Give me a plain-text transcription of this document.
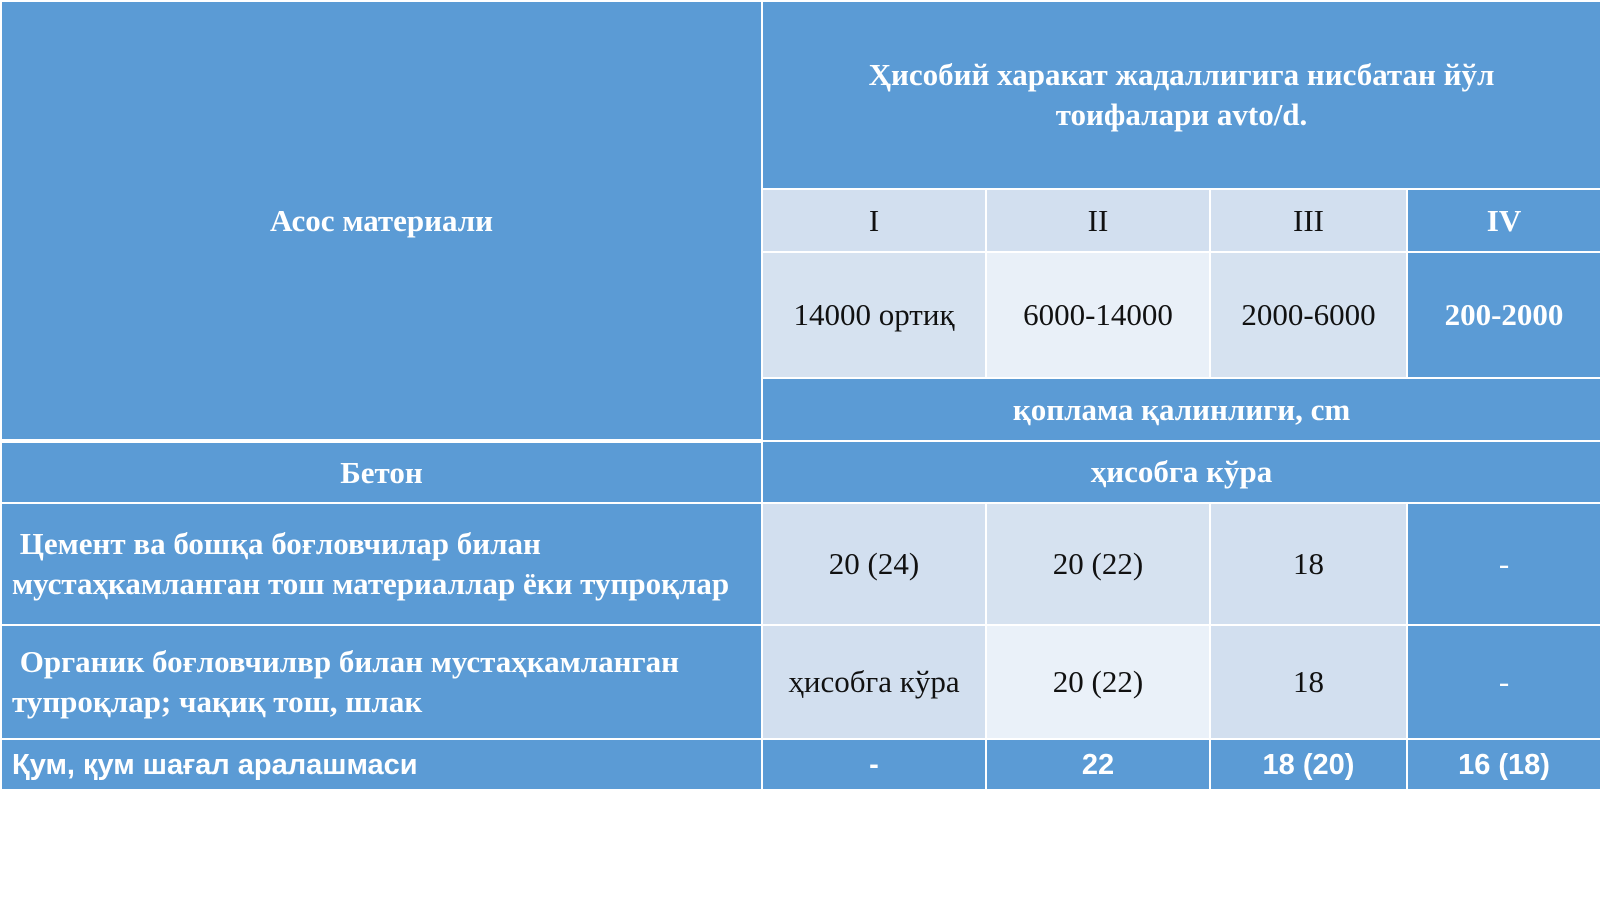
Асос материали	Ҳисобий харакат жадаллигига нисбатан йўл тоифалари avto/d.			
	I	II	III	IV
	14000 ортиқ	6000-14000	2000-6000	200-2000
	қоплама қалинлиги, cm			
Бетон	ҳисобга кўра			
Цемент ва бошқа боғловчилар билан мустаҳкамланган тош материаллар ёки тупроқлар	20 (24)	20 (22)	18	-
Органик боғловчилвр билан мустаҳкамланган тупроқлар; чақиқ тош, шлак	ҳисобга кўра	20 (22)	18	-
Қум, қум шағал аралашмаси	-	22	18 (20)	16 (18)
